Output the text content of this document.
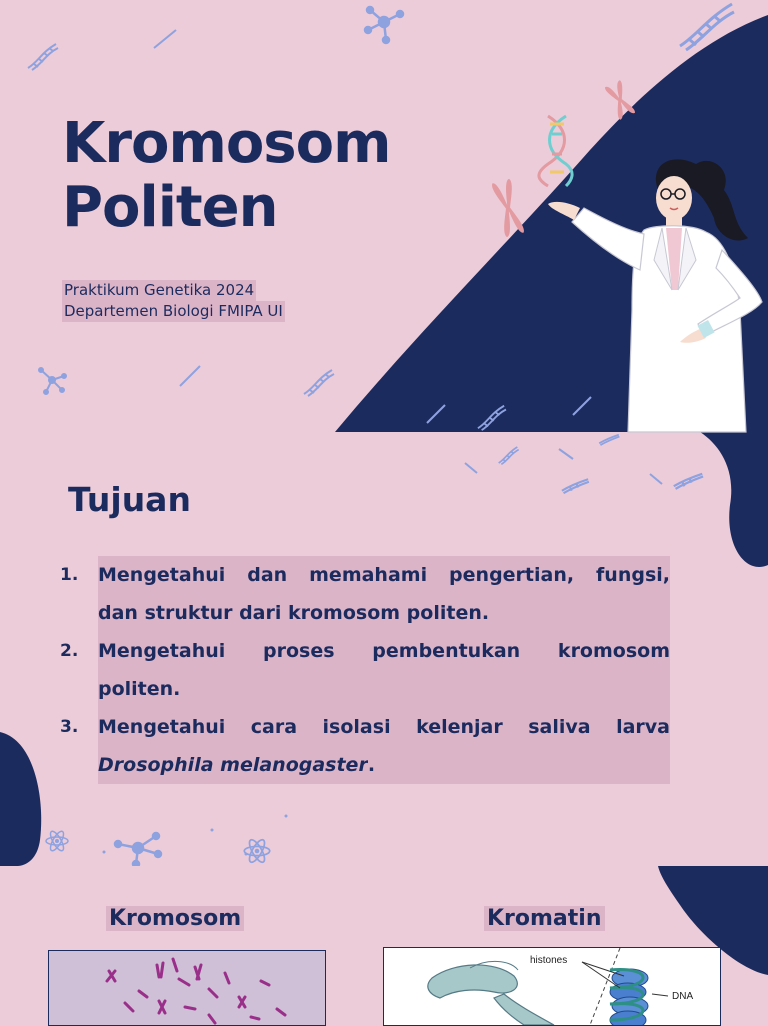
Kromosom
Politen
Praktikum Genetika 2024
Departemen Biologi FMIPA UI
Tujuan
1.	Mengetahui dan memahami pengertian, fungsi,
dan struktur dari kromosom politen.
2.	Mengetahui proses pembentukan kromosom
politen.
3.	Mengetahui cara isolasi kelenjar saliva larva
Drosophila melanogaster.
Kromosom	Kromatin
histones
DNA
